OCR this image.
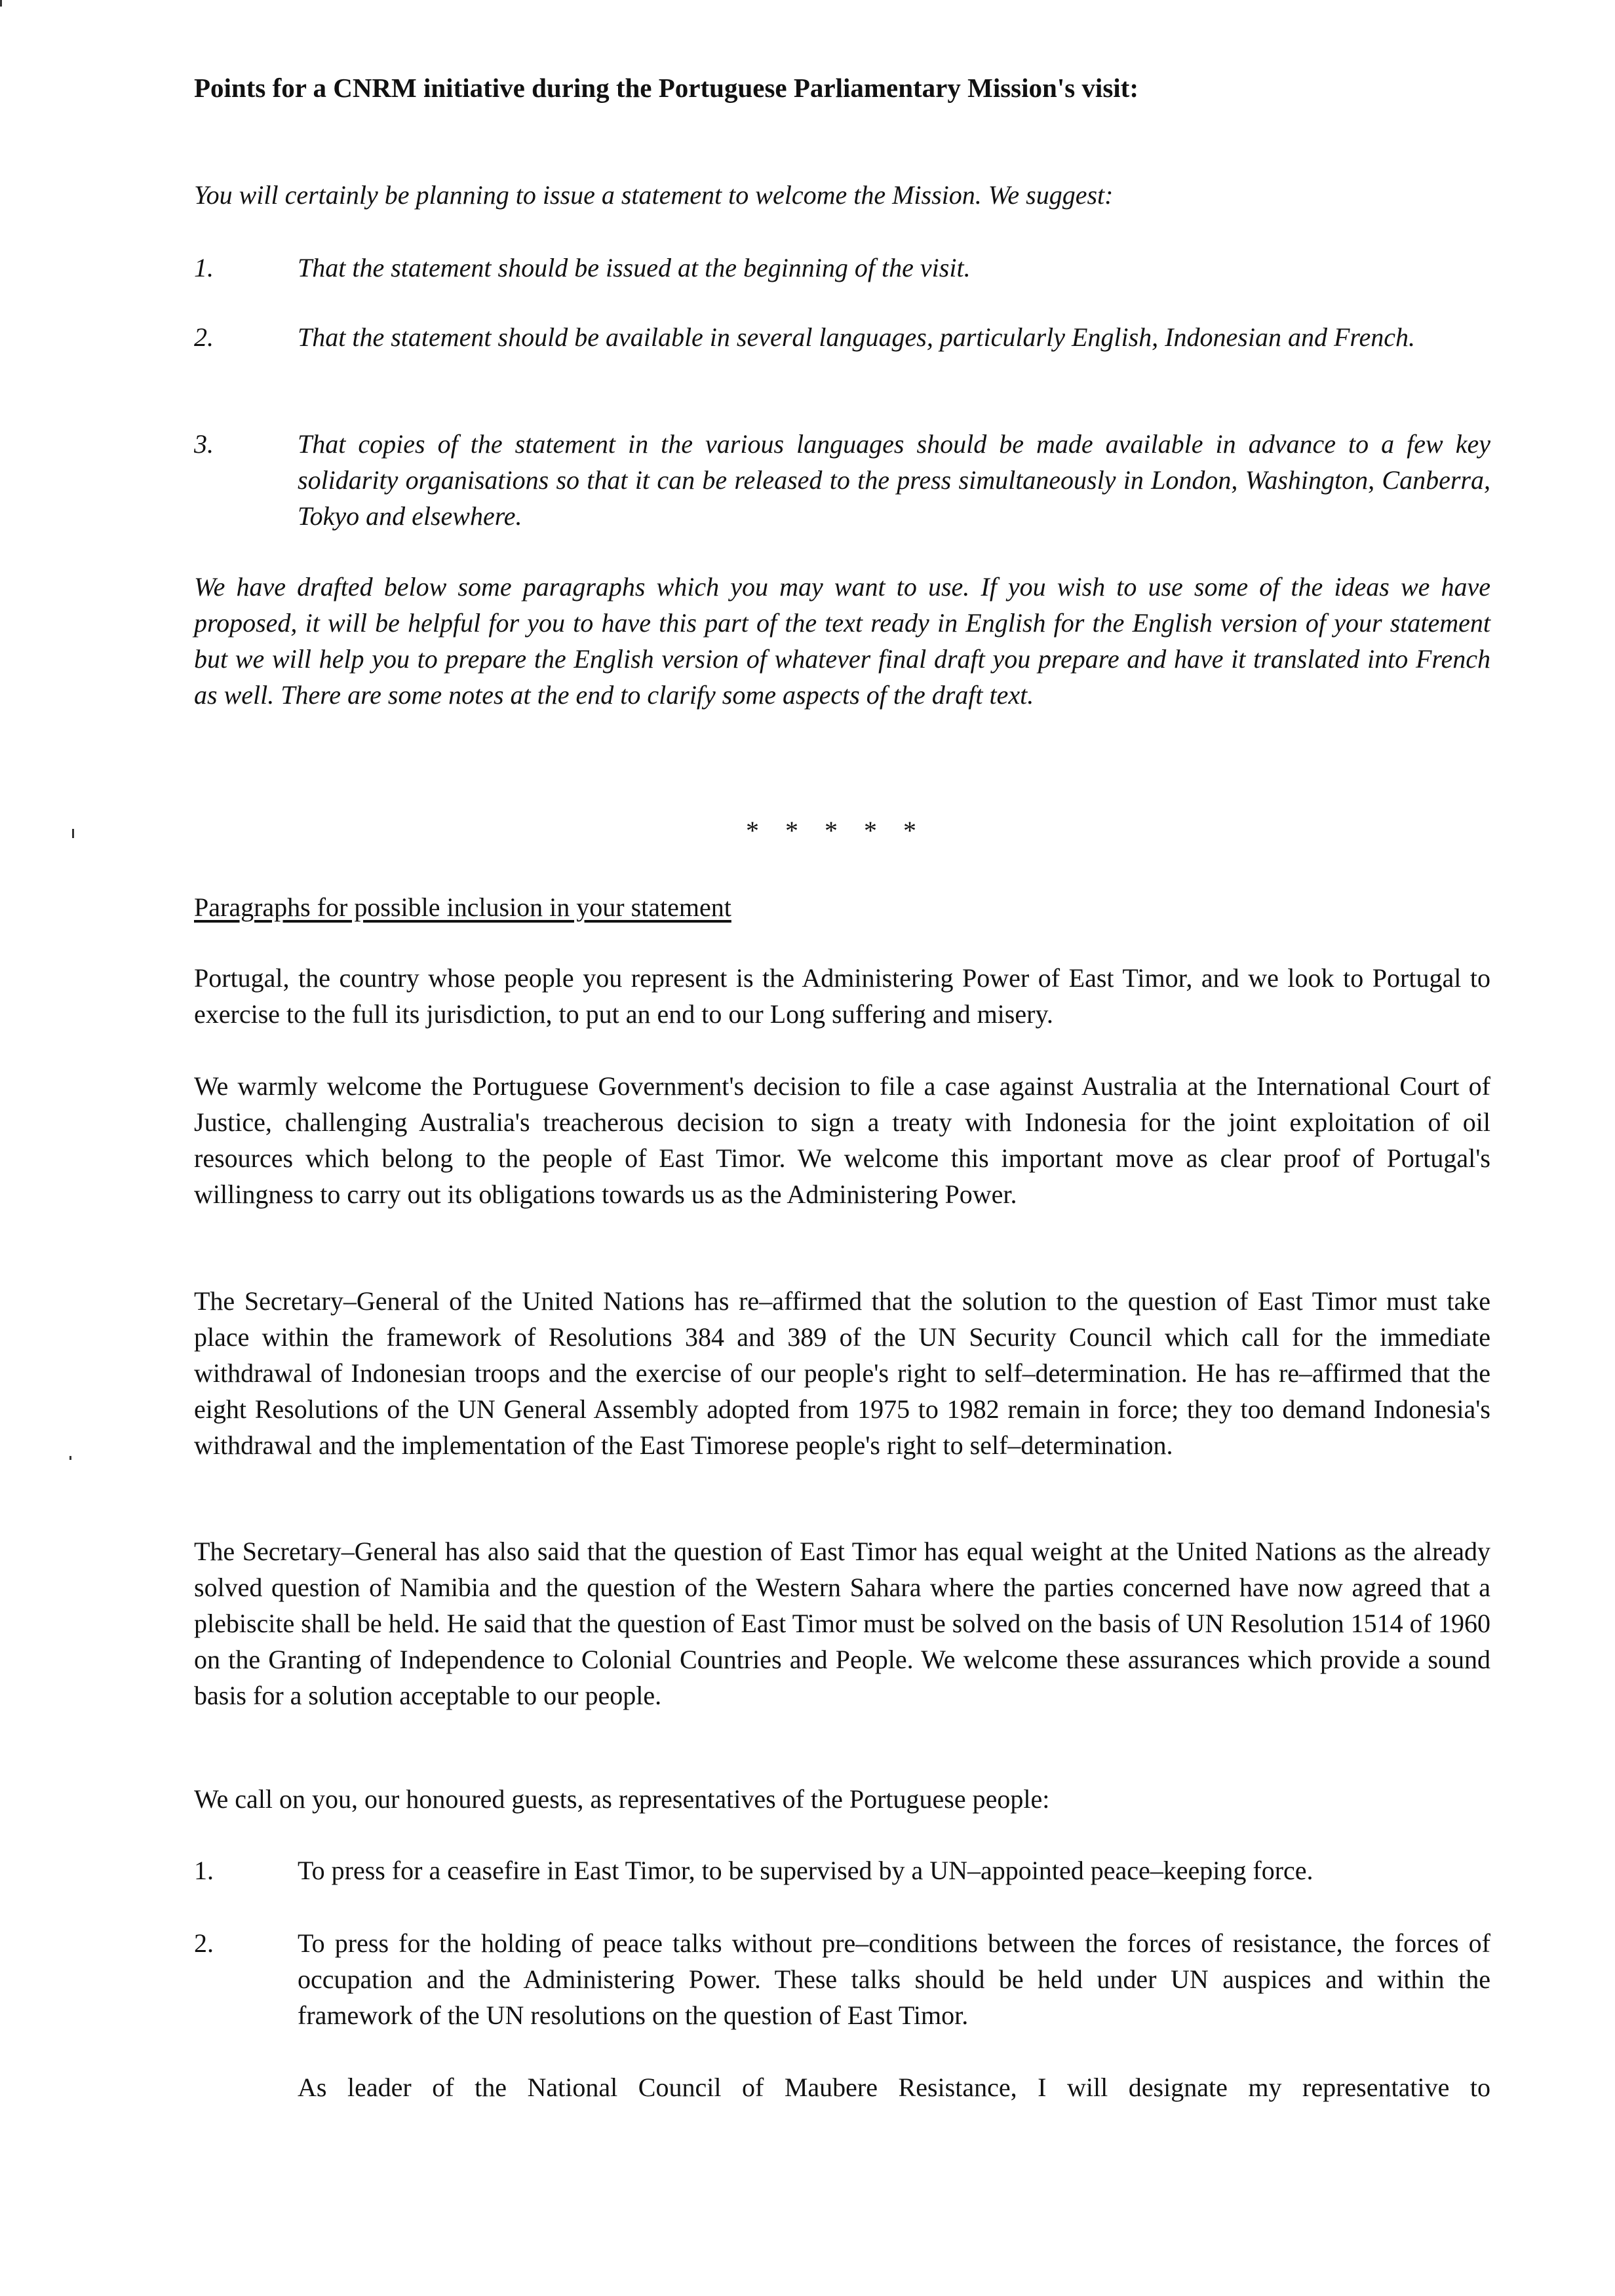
Points for a CNRM initiative during the Portuguese Parliamentary Mission's visit:

You will certainly be planning to issue a statement to welcome the Mission. We suggest:

1.	That the statement should be issued at the beginning of the visit.

2.	That the statement should be available in several languages, particularly English, Indonesian and French.

3.	That copies of the statement in the various languages should be made available in advance to a few key solidarity organisations so that it can be released to the press simultaneously in London, Washington, Canberra, Tokyo and elsewhere.

We have drafted below some paragraphs which you may want to use. If you wish to use some of the ideas we have proposed, it will be helpful for you to have this part of the text ready in English for the English version of your statement but we will help you to prepare the English version of whatever final draft you prepare and have it translated into French as well. There are some notes at the end to clarify some aspects of the draft text.

*    *    *    *    *

Paragraphs for possible inclusion in your statement

Portugal, the country whose people you represent is the Administering Power of East Timor, and we look to Portugal to exercise to the full its jurisdiction, to put an end to our Long suffering and misery.

We warmly welcome the Portuguese Government's decision to file a case against Australia at the International Court of Justice, challenging Australia's treacherous decision to sign a treaty with Indonesia for the joint exploitation of oil resources which belong to the people of East Timor. We welcome this important move as clear proof of Portugal's willingness to carry out its obligations towards us as the Administering Power.

The Secretary–General of the United Nations has re–affirmed that the solution to the question of East Timor must take place within the framework of Resolutions 384 and 389 of the UN Security Council which call for the immediate withdrawal of Indonesian troops and the exercise of our people's right to self–determination. He has re–affirmed that the eight Resolutions of the UN General Assembly adopted from 1975 to 1982 remain in force; they too demand Indonesia's withdrawal and the implementation of the East Timorese people's right to self–determination.

The Secretary–General has also said that the question of East Timor has equal weight at the United Nations as the already solved question of Namibia and the question of the Western Sahara where the parties concerned have now agreed that a plebiscite shall be held. He said that the question of East Timor must be solved on the basis of UN Resolution 1514 of 1960 on the Granting of Independence to Colonial Countries and People. We welcome these assurances which provide a sound basis for a solution acceptable to our people.

We call on you, our honoured guests, as representatives of the Portuguese people:

1.	To press for a ceasefire in East Timor, to be supervised by a UN–appointed peace–keeping force.

2.	To press for the holding of peace talks without pre–conditions between the forces of resistance, the forces of occupation and the Administering Power. These talks should be held under UN auspices and within the framework of the UN resolutions on the question of East Timor.

As leader of the National Council of Maubere Resistance, I will designate my representative to
